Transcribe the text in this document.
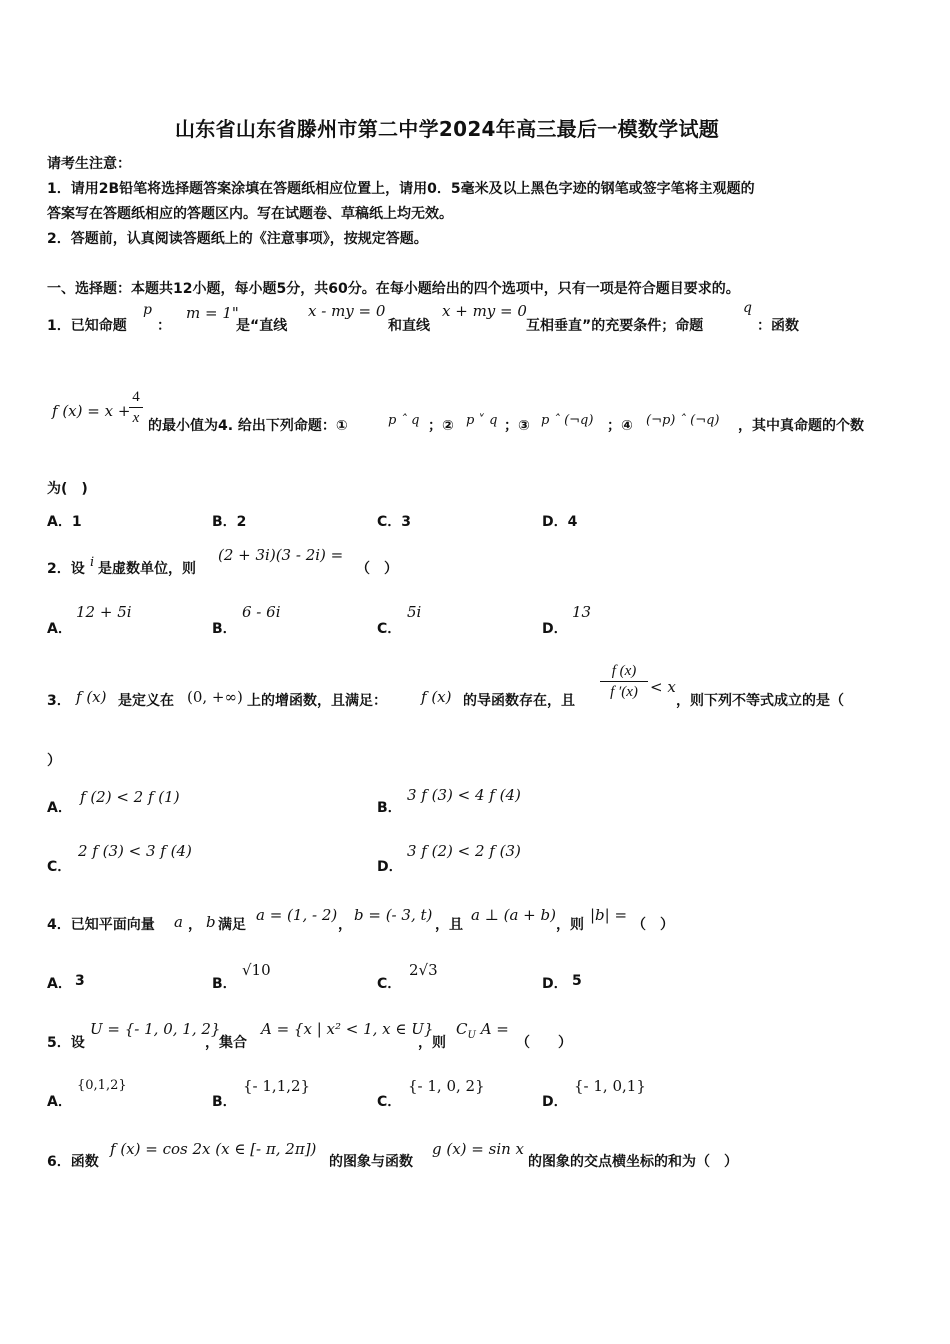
山东省山东省滕州市第二中学2024年高三最后一模数学试题
请考生注意：
1．请用2B铅笔将选择题答案涂填在答题纸相应位置上，请用0．5毫米及以上黑色字迹的钢笔或签字笔将主观题的
答案写在答题纸相应的答题区内。写在试题卷、草稿纸上均无效。
2．答题前，认真阅读答题纸上的《注意事项》，按规定答题。
一、选择题：本题共12小题，每小题5分，共60分。在每小题给出的四个选项中，只有一项是符合题目要求的。
1．已知命题
p
：
m = 1"
是“直线
x - my = 0
和直线
x + my = 0
互相垂直”的充要条件；命题
q
：函数
f (x) = x +
4
x 的最小值为4. 给出下列命题：①	p ˆ q ；② p ˅ q ；③ p ˆ (¬q) ；④ (¬p) ˆ (¬q) ，其中真命题的个数
为(　)
A．1	B．2	C．3	D．4
2．设 i 是虚数单位，则
(2 + 3i)(3 - 2i) =
（　）
A．
12 + 5i
B．
6 - 6i
C．
5i
D．
13
3． f (x) 是定义在 (0, +∞) 上的增函数，且满足： f (x) 的导函数存在，且
f (x)
f ′(x) < x
，则下列不等式成立的是（
）
A．
f (2) < 2 f (1)
B．
3 f (3) < 4 f (4)
C．
2 f (3) < 3 f (4)
D．
3 f (2) < 2 f (3)
4．已知平面向量 a ， b 满足
a = (1, - 2)
，
b = (- 3, t)
，且
a ⊥ (a + b)
，则
|b| =
（　）
A． 3	B．
√10
C．
2√3
D． 5
5．设
U = {- 1, 0, 1, 2}
，集合
A = {x | x² < 1, x ∈ U}
，则
$C_U$ A =
（　　）
A．
{0,1,2}
B．
{- 1,1,2}
C．
{- 1, 0, 2}
D．
{- 1, 0,1}
6．函数
f (x) = cos 2x (x ∈ [- π, 2π])
的图象与函数
g (x) = sin x
的图象的交点横坐标的和为（　）
